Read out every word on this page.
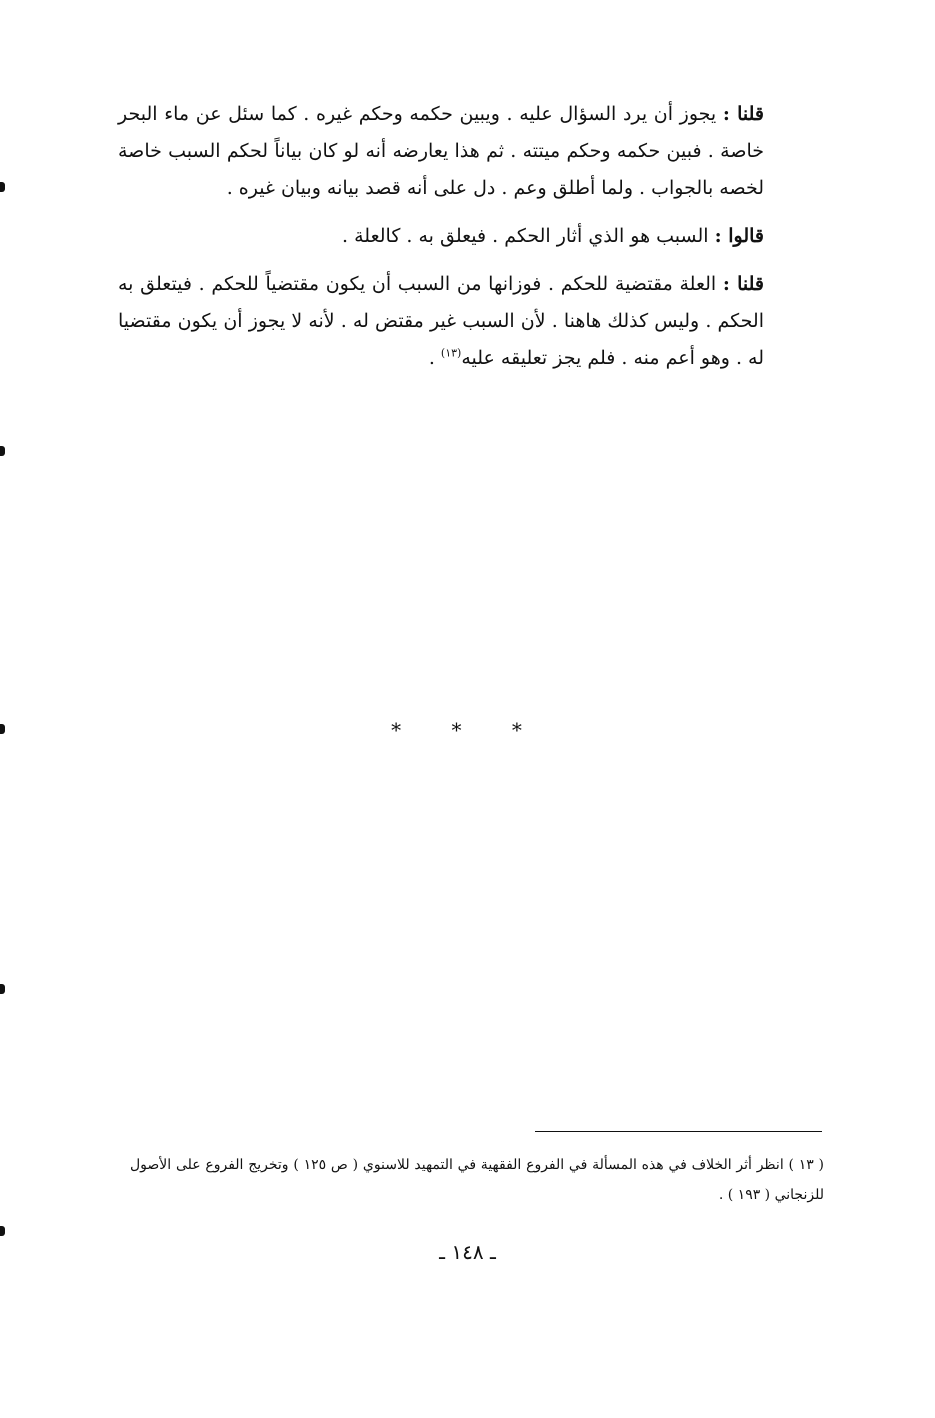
قلنا : يجوز أن يرد السؤال عليه . ويبين حكمه وحكم غيره . كما سئل عن ماء البحر خاصة . فبين حكمه وحكم ميتته . ثم هذا يعارضه أنه لو كان بياناً لحكم السبب خاصة لخصه بالجواب . ولما أطلق وعم . دل على أنه قصد بيانه وبيان غيره .

قالوا : السبب هو الذي أثار الحكم . فيعلق به . كالعلة .

قلنا : العلة مقتضية للحكم . فوزانها من السبب أن يكون مقتضياً للحكم . فيتعلق به الحكم . وليس كذلك هاهنا . لأن السبب غير مقتض له . لأنه لا يجوز أن يكون مقتضيا له . وهو أعم منه . فلم يجز تعليقه عليه$^{(١٣)}$ .

* * *
( ١٣ ) انظر أثر الخلاف في هذه المسألة في الفروع الفقهية في التمهيد للاسنوي ( ص ١٢٥ ) وتخريج الفروع على الأصول للزنجاني ( ١٩٣ ) .
ـ ١٤٨ ـ
